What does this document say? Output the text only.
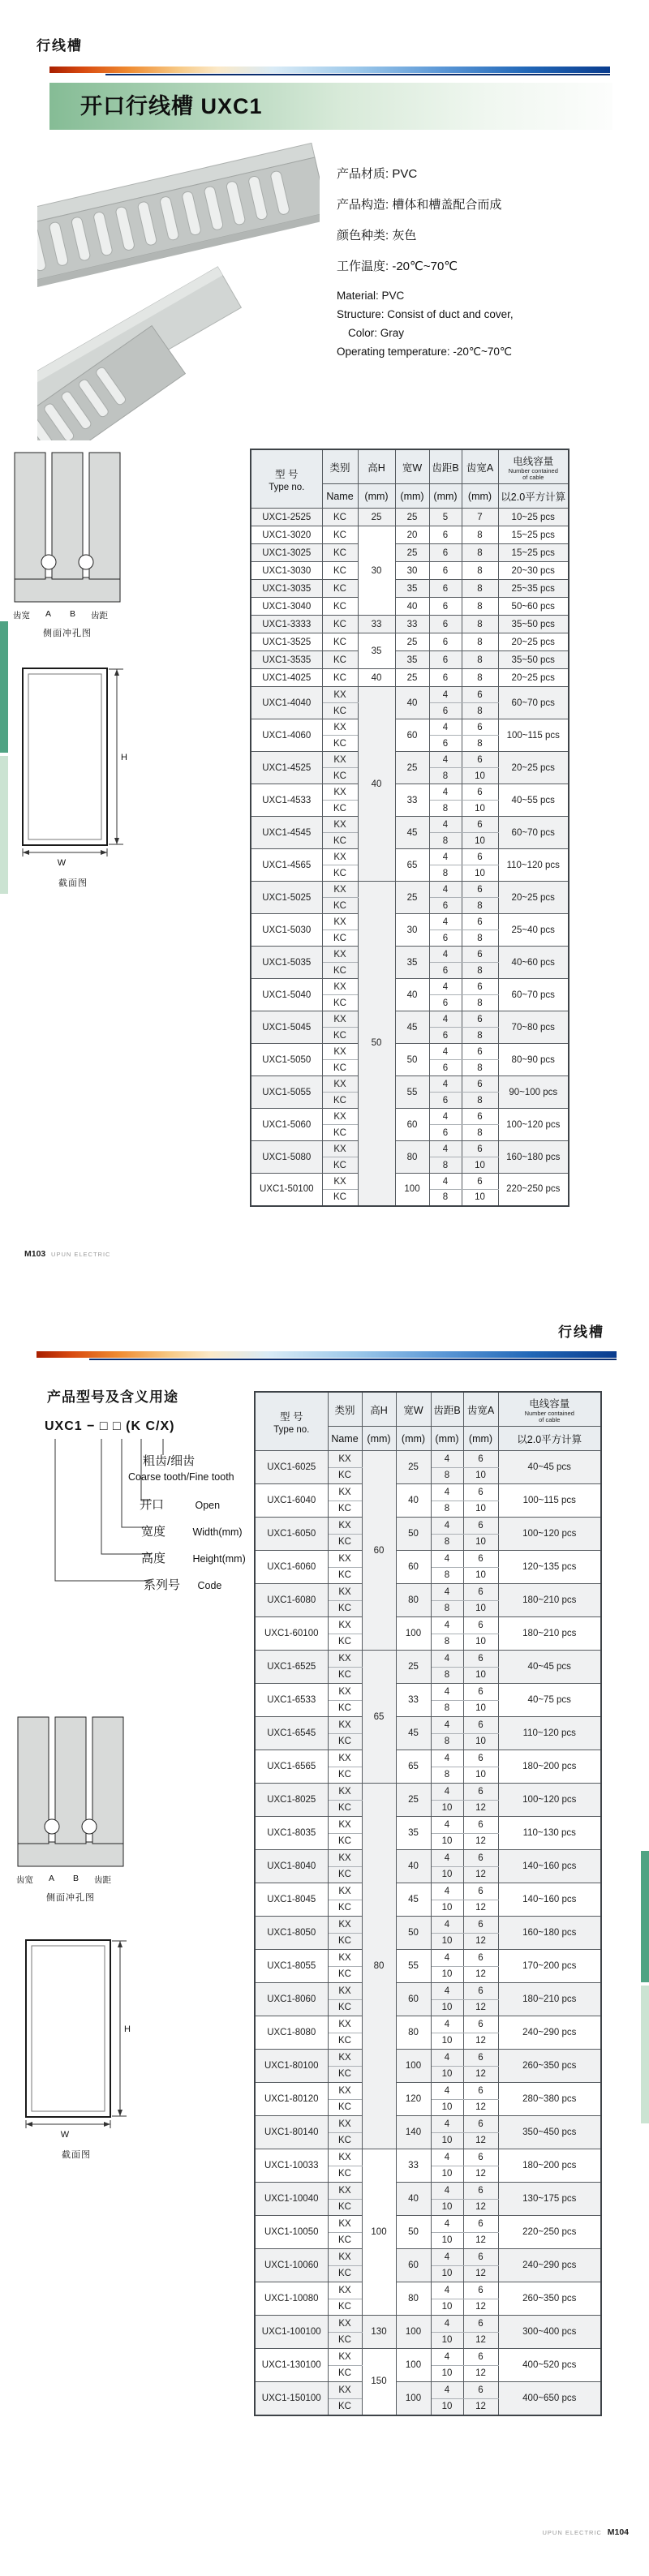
行线槽
开口行线槽 UXC1
产品材质: PVC
产品构造: 槽体和槽盖配合而成
颜色种类: 灰色
工作温度: -20℃~70℃
Material: PVC
Structure: Consist of duct and cover,
Color: Gray
Operating temperature: -20℃~70℃
齿宽 A B 齿距
侧面冲孔图
H
W
截面图
型 号
Type no.
	类别	高H	宽W	齿距B	齿宽A	
电线容量
Number contained
of cable

	Name	(mm)	(mm)	(mm)	(mm)	以2.0平方计算
UXC1-2525	KC	25	25	5	7	10~25 pcs
UXC1-3020	KC	30	20	6	8	15~25 pcs
UXC1-3025	KC		25	6	8	15~25 pcs
UXC1-3030	KC		30	6	8	20~30 pcs
UXC1-3035	KC		35	6	8	25~35 pcs
UXC1-3040	KC		40	6	8	50~60 pcs
UXC1-3333	KC	33	33	6	8	35~50 pcs
UXC1-3525	KC	35	25	6	8	20~25 pcs
UXC1-3535	KC		35	6	8	35~50 pcs
UXC1-4025	KC	40	25	6	8	20~25 pcs
UXC1-4040	KX	40	40	4	6	60~70 pcs
	KC			6	8	
UXC1-4060	KX		60	4	6	100~115 pcs
	KC			6	8	
UXC1-4525	KX		25	4	6	20~25 pcs
	KC			8	10	
UXC1-4533	KX		33	4	6	40~55 pcs
	KC			8	10	
UXC1-4545	KX		45	4	6	60~70 pcs
	KC			8	10	
UXC1-4565	KX		65	4	6	110~120 pcs
	KC			8	10	
UXC1-5025	KX	50	25	4	6	20~25 pcs
	KC			6	8	
UXC1-5030	KX		30	4	6	25~40 pcs
	KC			6	8	
UXC1-5035	KX		35	4	6	40~60 pcs
	KC			6	8	
UXC1-5040	KX		40	4	6	60~70 pcs
	KC			6	8	
UXC1-5045	KX		45	4	6	70~80 pcs
	KC			6	8	
UXC1-5050	KX		50	4	6	80~90 pcs
	KC			6	8	
UXC1-5055	KX		55	4	6	90~100 pcs
	KC			6	8	
UXC1-5060	KX		60	4	6	100~120 pcs
	KC			6	8	
UXC1-5080	KX		80	4	6	160~180 pcs
	KC			8	10	
UXC1-50100	KX		100	4	6	220~250 pcs
	KC			8	10	
M103 UPUN ELECTRIC
行线槽
产品型号及含义用途
UXC1 − □ □ (K C/X)
粗齿/细齿
Coarse tooth/Fine tooth
开口	Open
宽度	Width(mm)
高度	Height(mm)
系列号 Code
齿宽 A B 齿距
侧面冲孔图
H
W
截面图
型 号
Type no.
	类别	高H	宽W	齿距B	齿宽A	
电线容量
Number contained
of cable

	Name	(mm)	(mm)	(mm)	(mm)	以2.0平方计算
UXC1-6025	KX	60	25	4	6	40~45 pcs
	KC			8	10	
UXC1-6040	KX		40	4	6	100~115 pcs
	KC			8	10	
UXC1-6050	KX		50	4	6	100~120 pcs
	KC			8	10	
UXC1-6060	KX		60	4	6	120~135 pcs
	KC			8	10	
UXC1-6080	KX		80	4	6	180~210 pcs
	KC			8	10	
UXC1-60100	KX		100	4	6	180~210 pcs
	KC			8	10	
UXC1-6525	KX	65	25	4	6	40~45 pcs
	KC			8	10	
UXC1-6533	KX		33	4	6	40~75 pcs
	KC			8	10	
UXC1-6545	KX		45	4	6	110~120 pcs
	KC			8	10	
UXC1-6565	KX		65	4	6	180~200 pcs
	KC			8	10	
UXC1-8025	KX	80	25	4	6	100~120 pcs
	KC			10	12	
UXC1-8035	KX		35	4	6	110~130 pcs
	KC			10	12	
UXC1-8040	KX		40	4	6	140~160 pcs
	KC			10	12	
UXC1-8045	KX		45	4	6	140~160 pcs
	KC			10	12	
UXC1-8050	KX		50	4	6	160~180 pcs
	KC			10	12	
UXC1-8055	KX		55	4	6	170~200 pcs
	KC			10	12	
UXC1-8060	KX		60	4	6	180~210 pcs
	KC			10	12	
UXC1-8080	KX		80	4	6	240~290 pcs
	KC			10	12	
UXC1-80100	KX		100	4	6	260~350 pcs
	KC			10	12	
UXC1-80120	KX		120	4	6	280~380 pcs
	KC			10	12	
UXC1-80140	KX		140	4	6	350~450 pcs
	KC			10	12	
UXC1-10033	KX	100	33	4	6	180~200 pcs
	KC			10	12	
UXC1-10040	KX		40	4	6	130~175 pcs
	KC			10	12	
UXC1-10050	KX		50	4	6	220~250 pcs
	KC			10	12	
UXC1-10060	KX		60	4	6	240~290 pcs
	KC			10	12	
UXC1-10080	KX		80	4	6	260~350 pcs
	KC			10	12	
UXC1-100100	KX	130	100	4	6	300~400 pcs
	KC			10	12	
UXC1-130100	KX	150	100	4	6	400~520 pcs
	KC			10	12	
UXC1-150100	KX		100	4	6	400~650 pcs
	KC			10	12	
UPUN ELECTRIC M104
